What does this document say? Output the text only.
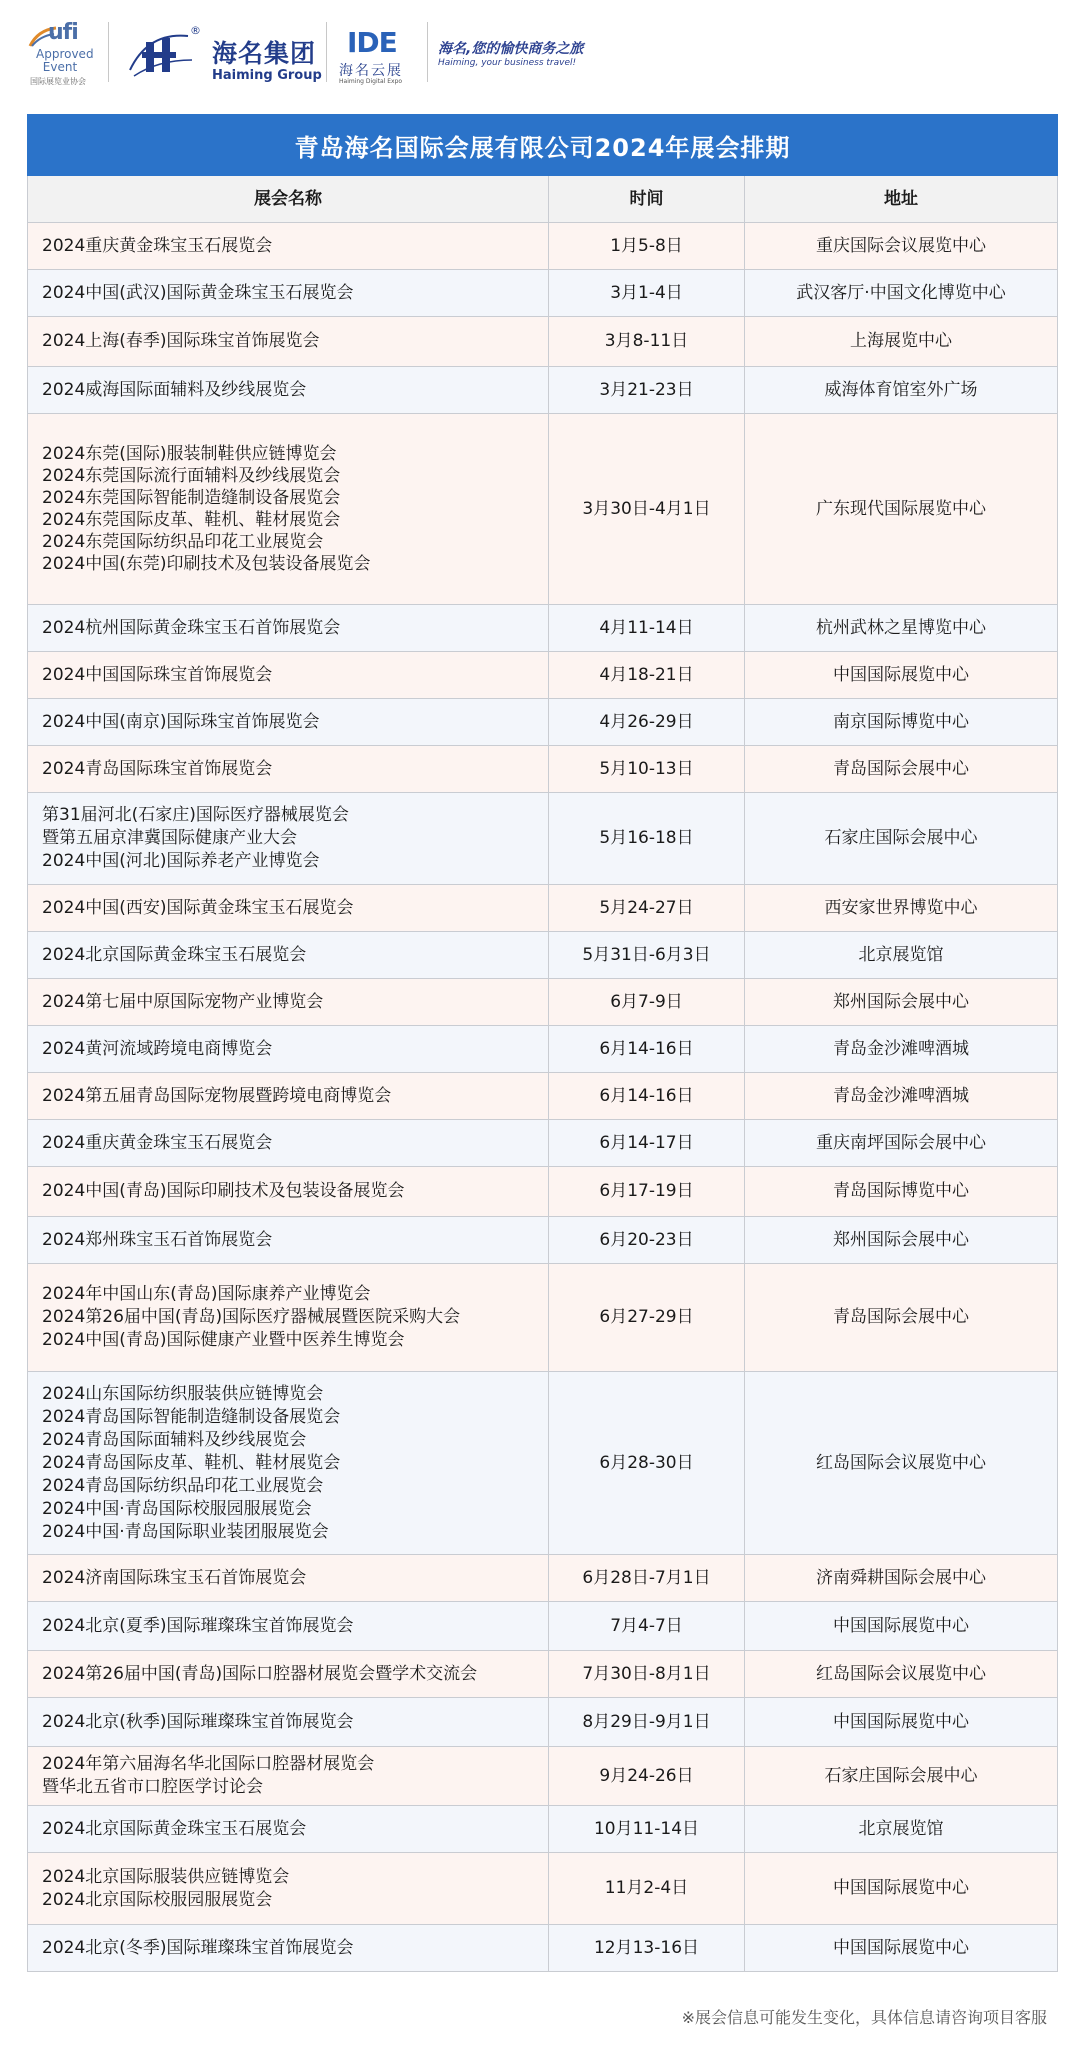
ufi
Approved
Event
国际展览业协会
®
海名集团
Haiming Group
IDE
海名云展
Haiming Digital Expo
海名,您的愉快商务之旅
Haiming, your business travel!
青岛海名国际会展有限公司2024年展会排期
展会名称	时间	地址
2024重庆黄金珠宝玉石展览会	1月5-8日	重庆国际会议展览中心
2024中国(武汉)国际黄金珠宝玉石展览会	3月1-4日	武汉客厅·中国文化博览中心
2024上海(春季)国际珠宝首饰展览会	3月8-11日	上海展览中心
2024威海国际面辅料及纱线展览会	3月21-23日	威海体育馆室外广场
2024东莞(国际)服装制鞋供应链博览会
2024东莞国际流行面辅料及纱线展览会
2024东莞国际智能制造缝制设备展览会
2024东莞国际皮革、鞋机、鞋材展览会
2024东莞国际纺织品印花工业展览会
2024中国(东莞)印刷技术及包装设备展览会
3月30日-4月1日	广东现代国际展览中心
2024杭州国际黄金珠宝玉石首饰展览会	4月11-14日	杭州武林之星博览中心
2024中国国际珠宝首饰展览会	4月18-21日	中国国际展览中心
2024中国(南京)国际珠宝首饰展览会	4月26-29日	南京国际博览中心
2024青岛国际珠宝首饰展览会	5月10-13日	青岛国际会展中心
第31届河北(石家庄)国际医疗器械展览会
暨第五届京津冀国际健康产业大会
2024中国(河北)国际养老产业博览会
5月16-18日	石家庄国际会展中心
2024中国(西安)国际黄金珠宝玉石展览会	5月24-27日	西安家世界博览中心
2024北京国际黄金珠宝玉石展览会	5月31日-6月3日	北京展览馆
2024第七届中原国际宠物产业博览会	6月7-9日	郑州国际会展中心
2024黄河流域跨境电商博览会	6月14-16日	青岛金沙滩啤酒城
2024第五届青岛国际宠物展暨跨境电商博览会	6月14-16日	青岛金沙滩啤酒城
2024重庆黄金珠宝玉石展览会	6月14-17日	重庆南坪国际会展中心
2024中国(青岛)国际印刷技术及包装设备展览会	6月17-19日	青岛国际博览中心
2024郑州珠宝玉石首饰展览会	6月20-23日	郑州国际会展中心
2024年中国山东(青岛)国际康养产业博览会
2024第26届中国(青岛)国际医疗器械展暨医院采购大会
2024中国(青岛)国际健康产业暨中医养生博览会
6月27-29日	青岛国际会展中心
2024山东国际纺织服装供应链博览会
2024青岛国际智能制造缝制设备展览会
2024青岛国际面辅料及纱线展览会
2024青岛国际皮革、鞋机、鞋材展览会
2024青岛国际纺织品印花工业展览会
2024中国·青岛国际校服园服展览会
2024中国·青岛国际职业装团服展览会
6月28-30日	红岛国际会议展览中心
2024济南国际珠宝玉石首饰展览会	6月28日-7月1日	济南舜耕国际会展中心
2024北京(夏季)国际璀璨珠宝首饰展览会	7月4-7日	中国国际展览中心
2024第26届中国(青岛)国际口腔器材展览会暨学术交流会	7月30日-8月1日	红岛国际会议展览中心
2024北京(秋季)国际璀璨珠宝首饰展览会	8月29日-9月1日	中国国际展览中心
2024年第六届海名华北国际口腔器材展览会
暨华北五省市口腔医学讨论会
9月24-26日	石家庄国际会展中心
2024北京国际黄金珠宝玉石展览会	10月11-14日	北京展览馆
2024北京国际服装供应链博览会
2024北京国际校服园服展览会
11月2-4日	中国国际展览中心
2024北京(冬季)国际璀璨珠宝首饰展览会	12月13-16日	中国国际展览中心
※展会信息可能发生变化，具体信息请咨询项目客服
